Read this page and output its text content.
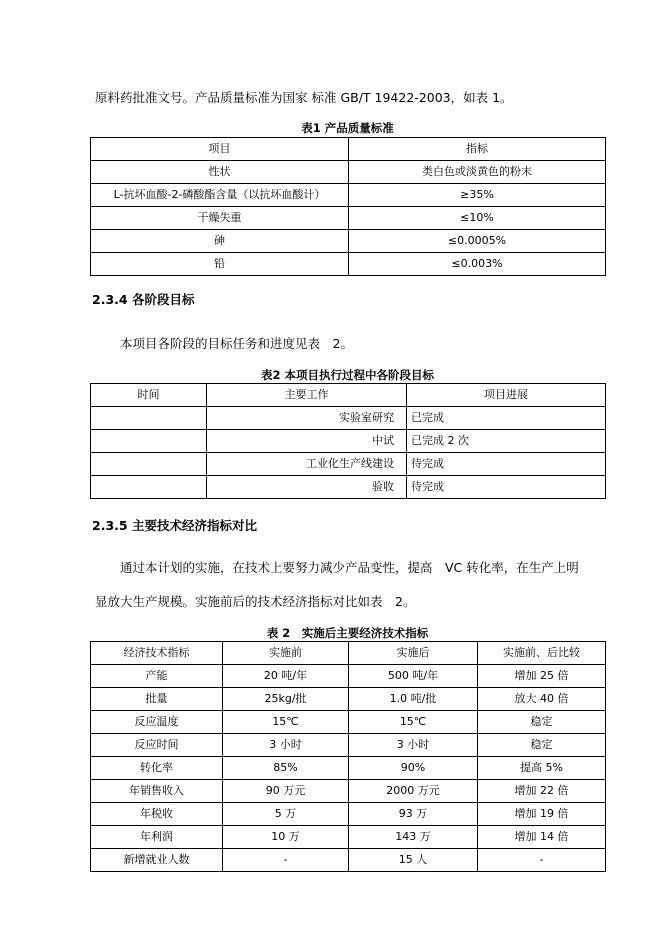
原料药批准文号。产品质量标准为国家 标准 GB/T 19422-2003，如表 1。
表1 产品质量标准
项目	指标
性状	类白色或淡黄色的粉末
L-抗坏血酸-2-磷酸酯含量（以抗坏血酸计）	≥35%
干燥失重	≤10%
砷	≤0.0005%
铅	≤0.003%
2.3.4 各阶段目标
本项目各阶段的目标任务和进度见表　2。
表2 本项目执行过程中各阶段目标
时间	主要工作	项目进展
	实验室研究	已完成
	中试	已完成 2 次
	工业化生产线建设	待完成
	验收	待完成
2.3.5 主要技术经济指标对比
通过本计划的实施，在技术上要努力减少产品变性，提高　VC 转化率，在生产上明
显放大生产规模。实施前后的技术经济指标对比如表　2。
表 2　实施后主要经济技术指标
经济技术指标	实施前	实施后	实施前、后比较
产能	20 吨/年	500 吨/年	增加 25 倍
批量	25kg/批	1.0 吨/批	放大 40 倍
反应温度	15℃	15℃	稳定
反应时间	3 小时	3 小时	稳定
转化率	85%	90%	提高 5%
年销售收入	90 万元	2000 万元	增加 22 倍
年税收	5 万	93 万	增加 19 倍
年利润	10 万	143 万	增加 14 倍
新增就业人数	-	15 人	-
